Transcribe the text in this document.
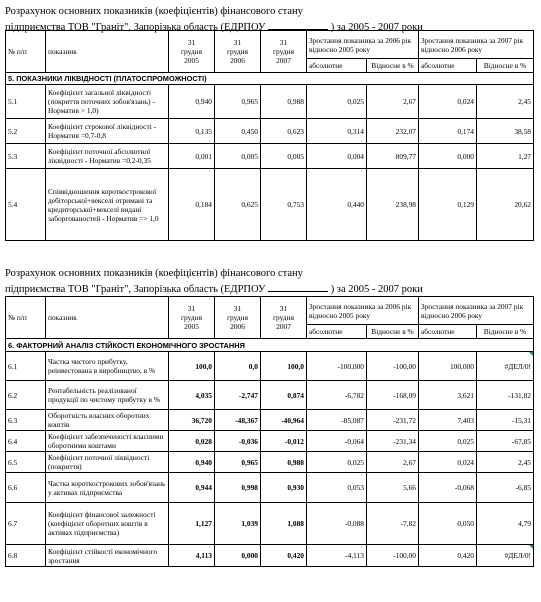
Розрахунок основних показників (коефіцієнтів) фінансового стану
підприємства ТОВ "Граніт", Запорізька область (ЕДРПОУ	) за 2005 - 2007 роки
№ п/п	показник	31
грудня
2005	31
грудня
2006	31
грудня
2007	Зростання показника за 2006 рік відносно 2005 року		Зростання показника за 2007 рік відносно 2006 року	
					абсолютне	Відносне в %	абсолютне	Відносне в %
5. ПОКАЗНИКИ ЛІКВІДНОСТІ (ПЛАТОСПРОМОЖНОСТІ)								
5.1	Коефіцієнт загальної ліквідності (покриття поточних зобов'язань) - Норматив > 1,0)	0,940	0,965	0,988	0,025	2,67	0,024	2,45
5.2	Коефіцієнт строкової ліквідності - Норматив =0,7-0,8	0,135	0,450	0,623	0,314	232,07	0,174	38,58
5.3	Коефіцієнт поточної абсолютної ліквідності - Норматив =0,2-0,35	0,001	0,005	0,005	0,004	809,77	0,000	1,27
5.4	Співвідношення короткострокової дебіторської+векселі отримані та кредиторської+векселі видані заборгованостей - Норматив => 1,0	0,184	0,625	0,753	0,440	238,98	0,129	20,62
Розрахунок основних показників (коефіцієнтів) фінансового стану
підприємства ТОВ "Граніт", Запорізька область (ЕДРПОУ	) за 2005 - 2007 роки
№ п/п	показник	31
грудня
2005	31
грудня
2006	31
грудня
2007	Зростання показника за 2006 рік відносно 2005 року		Зростання показника за 2007 рік відносно 2006 року	
					абсолютне	Відносне в %	абсолютне	Відносне в %
6. ФАКТОРНИЙ АНАЛІЗ СТІЙКОСТІ ЕКОНОМІЧНОГО ЗРОСТАННЯ								
6.1	Частка чистого прибутку, реінвестована в виробництво, в %	100,0	0,0	100,0	-100,000	-100,00	100,000	#ДЕЛ/0!
6.2	Рентабельність реалізованої продукції по чистому прибутку в %	4,035	-2,747	0,874	-6,782	-168,09	3,621	-131,82
6.3	Оборотність власних оборотних коштів	36,720	-48,367	-40,964	-85,087	-231,72	7,403	-15,31
6.4	Коефіцієнт забезпеченості власними оборотними коштами	0,028	-0,036	-0,012	-0,064	-231,34	0,025	-67,85
6.5	Коефіцієнт поточної ліквідності (покриття)	0,940	0,965	0,988	0,025	2,67	0,024	2,45
6.6	Частка короткострокових зобов'язань у активах підприємства	0,944	0,998	0,930	0,053	5,66	-0,068	-6,85
6.7	Коефіцієнт фінансової залежності (коефіцієнт оборотних коштів в активах підприємства)	1,127	1,039	1,088	-0,088	-7,82	0,050	4,79
6.8	Коефіцієнт стійкості економічного зростання	4,113	0,000	0,420	-4,113	-100,00	0,420	#ДЕЛ/0!
